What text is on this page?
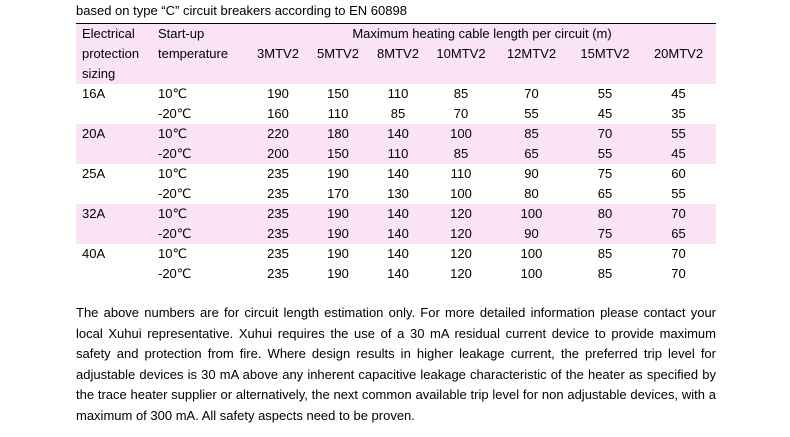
based on type “C” circuit breakers according to EN 60898
Electrical	Start-up	Maximum heating cable length per circuit (m)						
protection	temperature	3MTV2	5MTV2	8MTV2	10MTV2	12MTV2	15MTV2	20MTV2
sizing								
16A	10℃	190	150	110	85	70	55	45
	-20℃	160	110	85	70	55	45	35
20A	10℃	220	180	140	100	85	70	55
	-20℃	200	150	110	85	65	55	45
25A	10℃	235	190	140	110	90	75	60
	-20℃	235	170	130	100	80	65	55
32A	10℃	235	190	140	120	100	80	70
	-20℃	235	190	140	120	90	75	65
40A	10℃	235	190	140	120	100	85	70
	-20℃	235	190	140	120	100	85	70

The above numbers are for circuit length estimation only. For more detailed information please contact your local Xuhui representative. Xuhui requires the use of a 30 mA residual current device to provide maximum safety and protection from fire. Where design results in higher leakage current, the preferred trip level for adjustable devices is 30 mA above any inherent capacitive leakage characteristic of the heater as specified by the trace heater supplier or alternatively, the next common available trip level for non adjustable devices, with a maximum of 300 mA. All safety aspects need to be proven.
